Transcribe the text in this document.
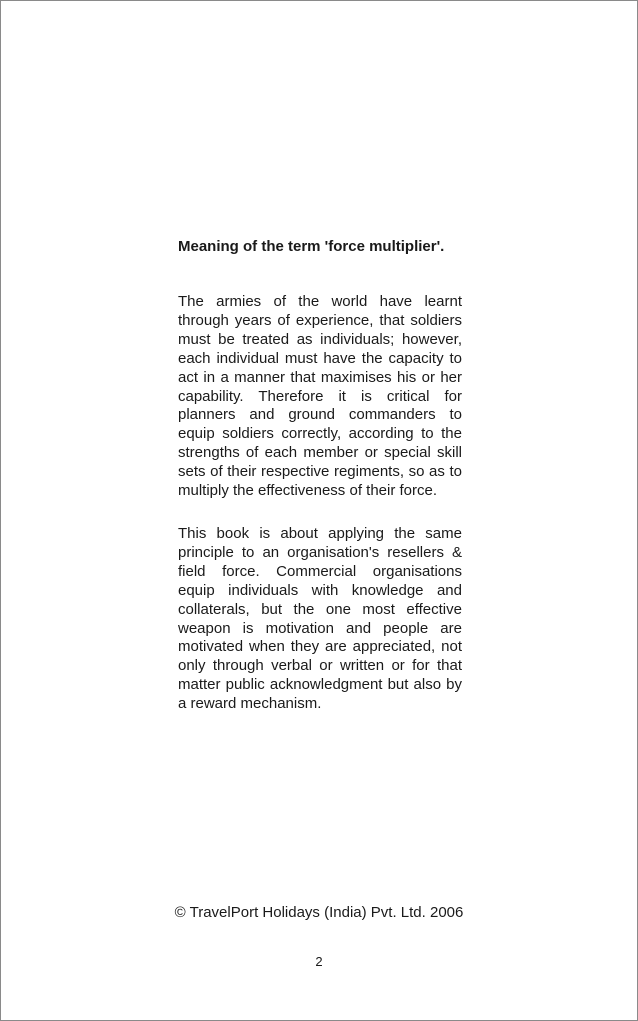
Meaning of the term 'force multiplier'.

The armies of the world have learnt through years of experience, that soldiers must be treated as individuals; however, each individual must have the capacity to act in a manner that maximises his or her capability. Therefore it is critical for planners and ground commanders to equip soldiers correctly, according to the strengths of each member or special skill sets of their respective regiments, so as to multiply the effectiveness of their force.

This book is about applying the same principle to an organisation's resellers & field force. Commercial organisations equip individuals with knowledge and collaterals, but the one most effective weapon is motivation and people are motivated when they are appreciated, not only through verbal or written or for that matter public acknowledgment but also by a reward mechanism.

© TravelPort Holidays (India) Pvt. Ltd. 2006

2
